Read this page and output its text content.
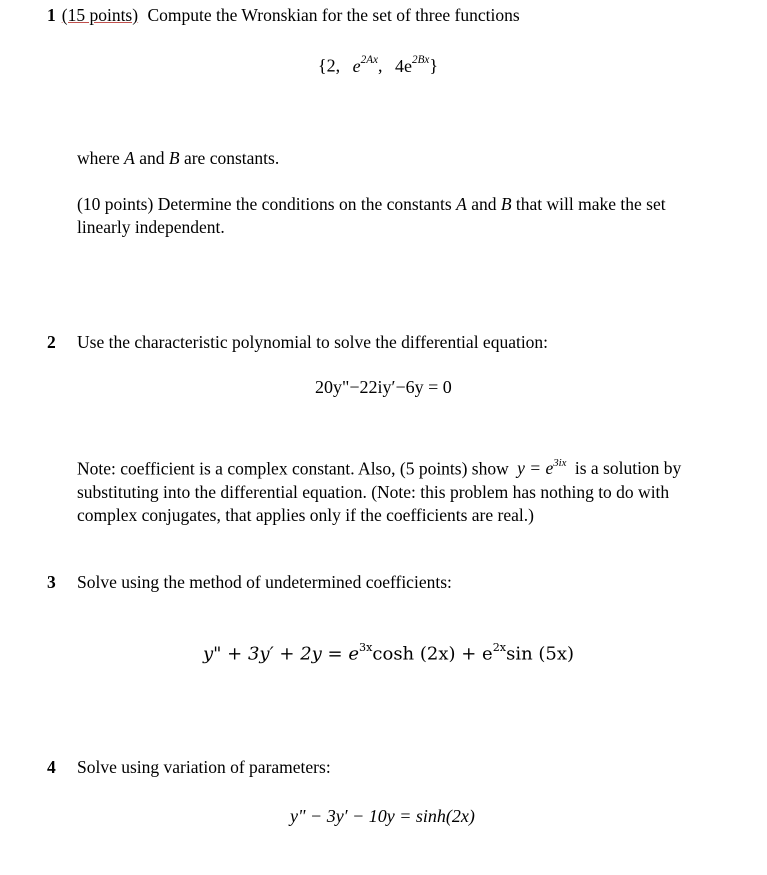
1 (15 points) Compute the Wronskian for the set of three functions
{2, $e^{2Ax}$, $4e^{2Bx}$}
where A and B are constants.
(10 points) Determine the conditions on the constants A and B that will make the set linearly independent.
2 Use the characteristic polynomial to solve the differential equation:
20y"−22iy′−6y = 0
Note: coefficient is a complex constant. Also, (5 points) show $y = e^{3ix}$ is a solution by substituting into the differential equation. (Note: this problem has nothing to do with complex conjugates, that applies only if the coefficients are real.)
3 Solve using the method of undetermined coefficients:
y" + $3y' + 2y = e^{3x}\cosh$ $(2x) + e^{2x}\sin$ (5x)
4 Solve using variation of parameters:
y" − 3y′ − 10y = sinh(2x)
